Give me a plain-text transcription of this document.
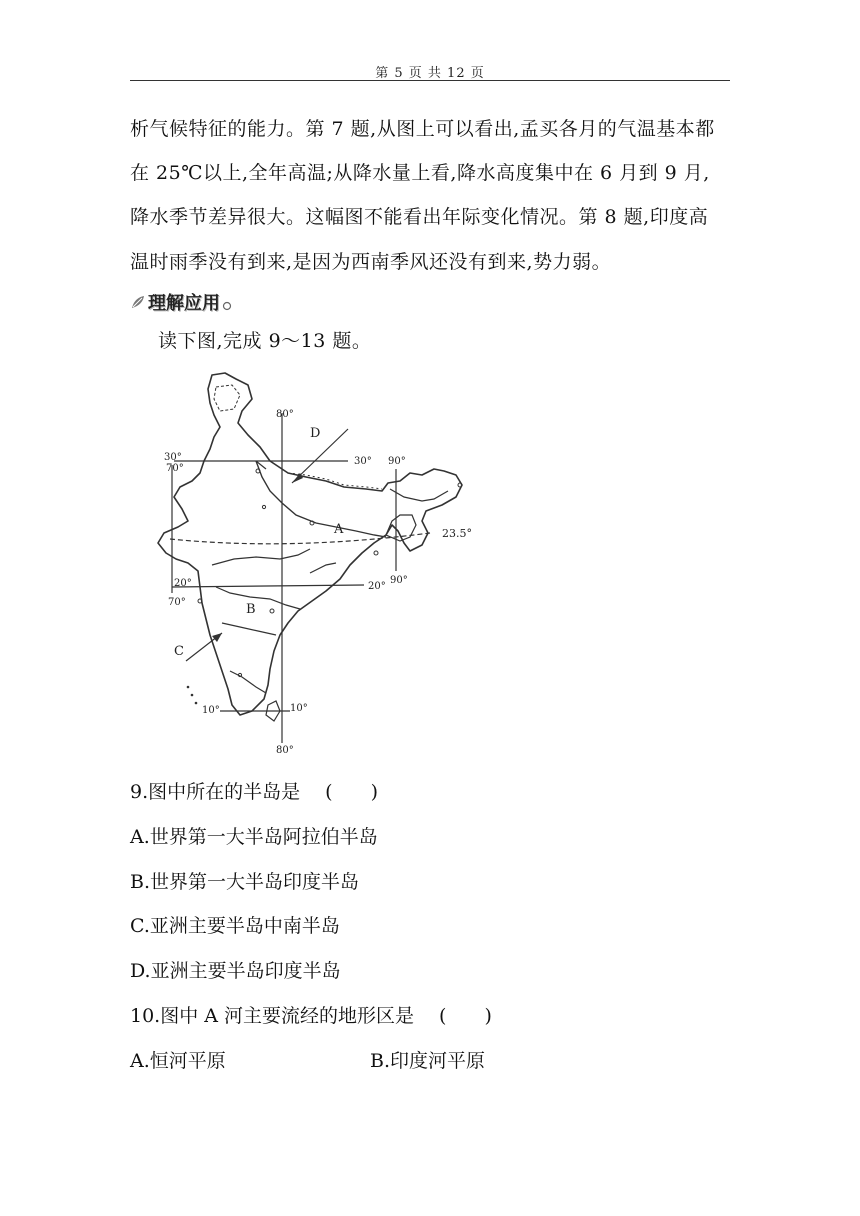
第 5 页 共 12 页
析气候特征的能力。第 7 题,从图上可以看出,孟买各月的气温基本都
在 25℃以上,全年高温;从降水量上看,降水高度集中在 6 月到 9 月,
降水季节差异很大。这幅图不能看出年际变化情况。第 8 题,印度高
温时雨季没有到来,是因为西南季风还没有到来,势力弱。
理解应用
读下图,完成 9～13 题。
80°
30°
70°
30° 90°
23.5°
20°	20°
90°
70°
10°	10°
80°
A
B
C
D
9.图中所在的半岛是 　(　　)
A.世界第一大半岛阿拉伯半岛
B.世界第一大半岛印度半岛
C.亚洲主要半岛中南半岛
D.亚洲主要半岛印度半岛
10.图中 A 河主要流经的地形区是 　(　　)
A.恒河平原	B.印度河平原
